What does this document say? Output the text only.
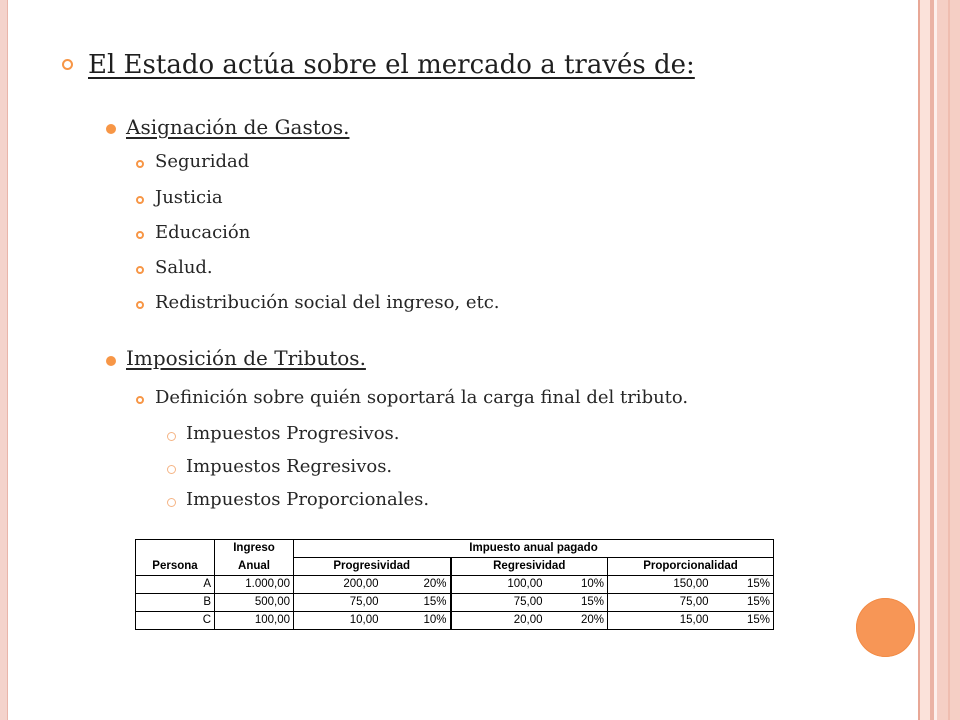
El Estado actúa sobre el mercado a través de:
Asignación de Gastos.
Seguridad
Justicia
Educación
Salud.
Redistribución social del ingreso, etc.
Imposición de Tributos.
Definición sobre quién soportará la carga final del tributo.
Impuestos Progresivos.
Impuestos Regresivos.
Impuestos Proporcionales.
	Ingreso	Impuesto anual pagado					
Persona	Anual	Progresividad		Regresividad		Proporcionalidad	
A	1.000,00	200,00	20%	100,00	10%	150,00	15%
B	500,00	75,00	15%	75,00	15%	75,00	15%
C	100,00	10,00	10%	20,00	20%	15,00	15%
